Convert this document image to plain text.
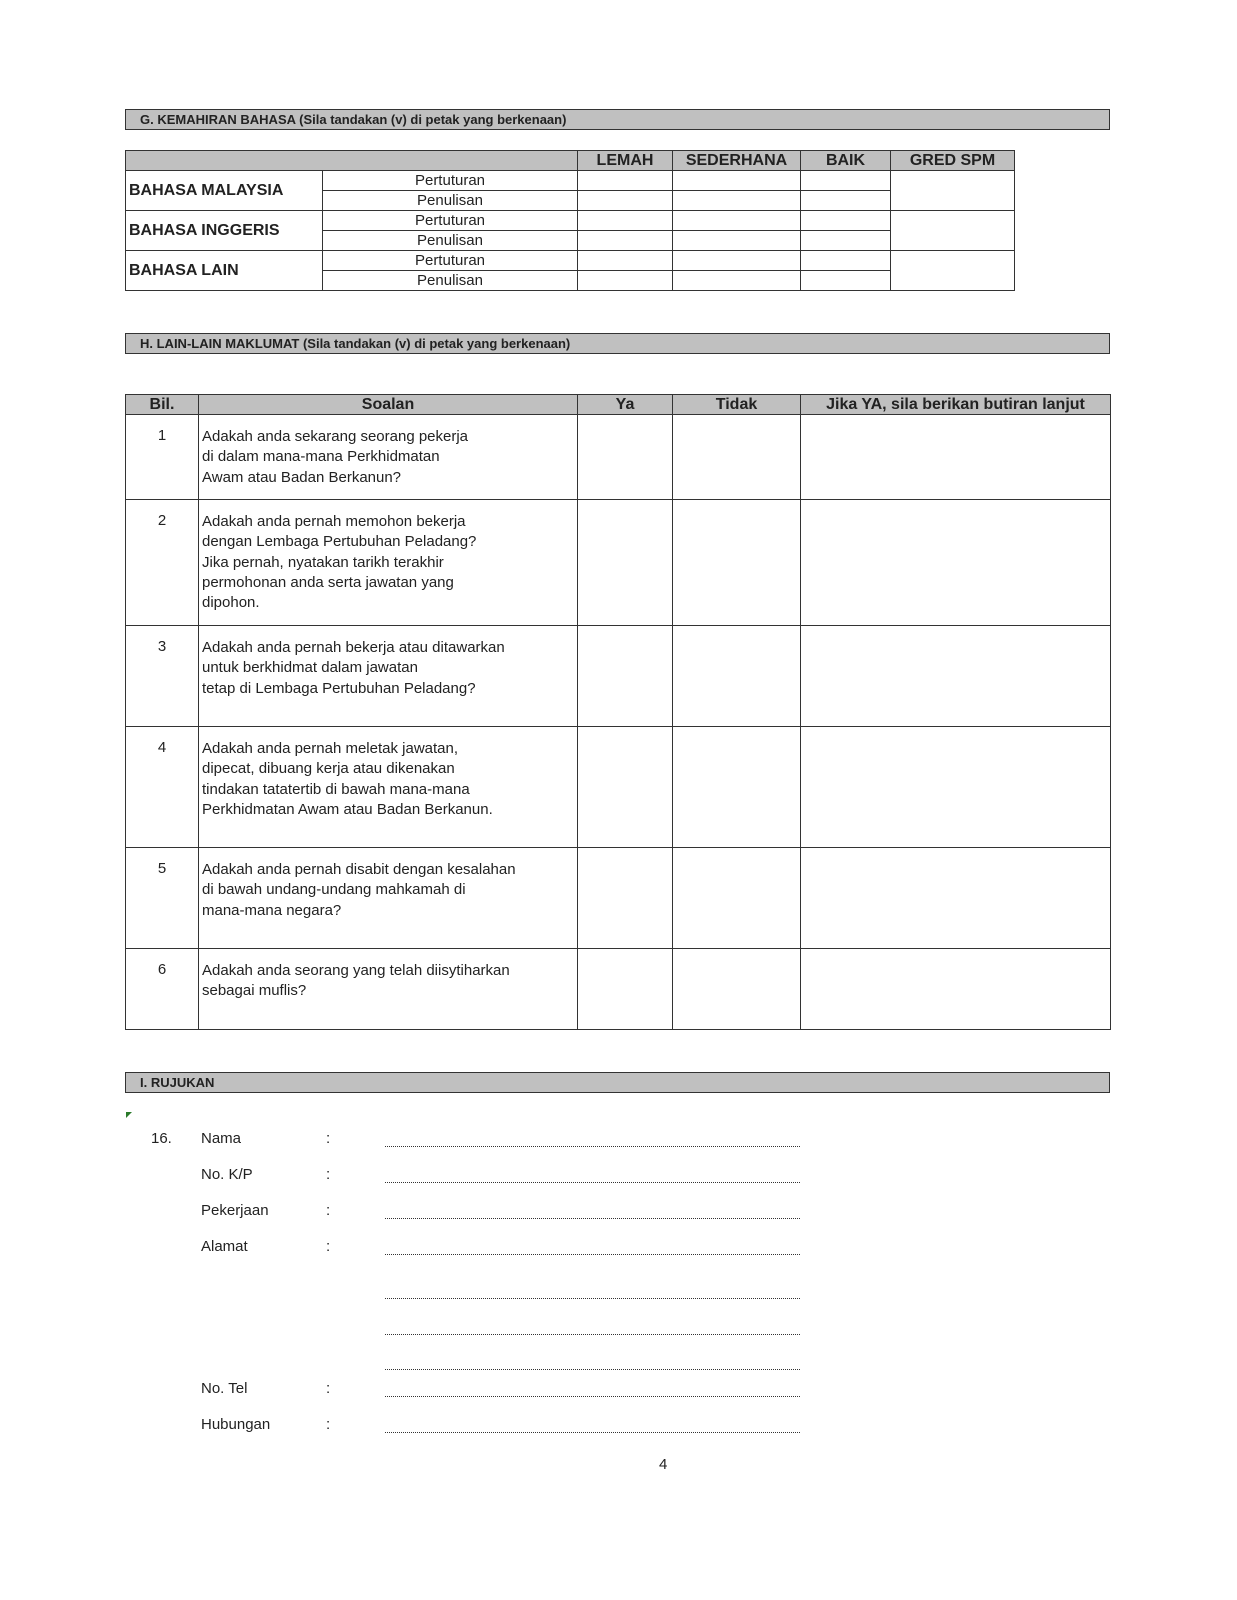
G. KEMAHIRAN BAHASA (Sila tandakan (v) di petak yang berkenaan)
		LEMAH	SEDERHANA	BAIK	GRED SPM
BAHASA MALAYSIA	Pertuturan				
	Penulisan				
BAHASA INGGERIS	Pertuturan				
	Penulisan				
BAHASA LAIN	Pertuturan				
	Penulisan				
H. LAIN-LAIN MAKLUMAT (Sila tandakan (v) di petak yang berkenaan)
Bil.	Soalan	Ya	Tidak	Jika YA, sila berikan butiran lanjut
1	Adakah anda sekarang seorang pekerja
di dalam mana-mana Perkhidmatan
Awam atau Badan Berkanun?			
2	Adakah anda pernah memohon bekerja
dengan Lembaga Pertubuhan Peladang?
Jika pernah, nyatakan tarikh terakhir
permohonan anda serta jawatan yang
dipohon.			
3	Adakah anda pernah bekerja atau ditawarkan
untuk berkhidmat dalam jawatan
tetap di Lembaga Pertubuhan Peladang?			
4	Adakah anda pernah meletak jawatan,
dipecat, dibuang kerja atau dikenakan
tindakan tatatertib di bawah mana-mana
Perkhidmatan Awam atau Badan Berkanun.			
5	Adakah anda pernah disabit dengan kesalahan
di bawah undang-undang mahkamah di
mana-mana negara?			
6	Adakah anda seorang yang telah diisytiharkan
sebagai muflis?			
I. RUJUKAN
16. Nama	:
No. K/P	:
Pekerjaan	:
Alamat	:
No. Tel	:
Hubungan	:
4
